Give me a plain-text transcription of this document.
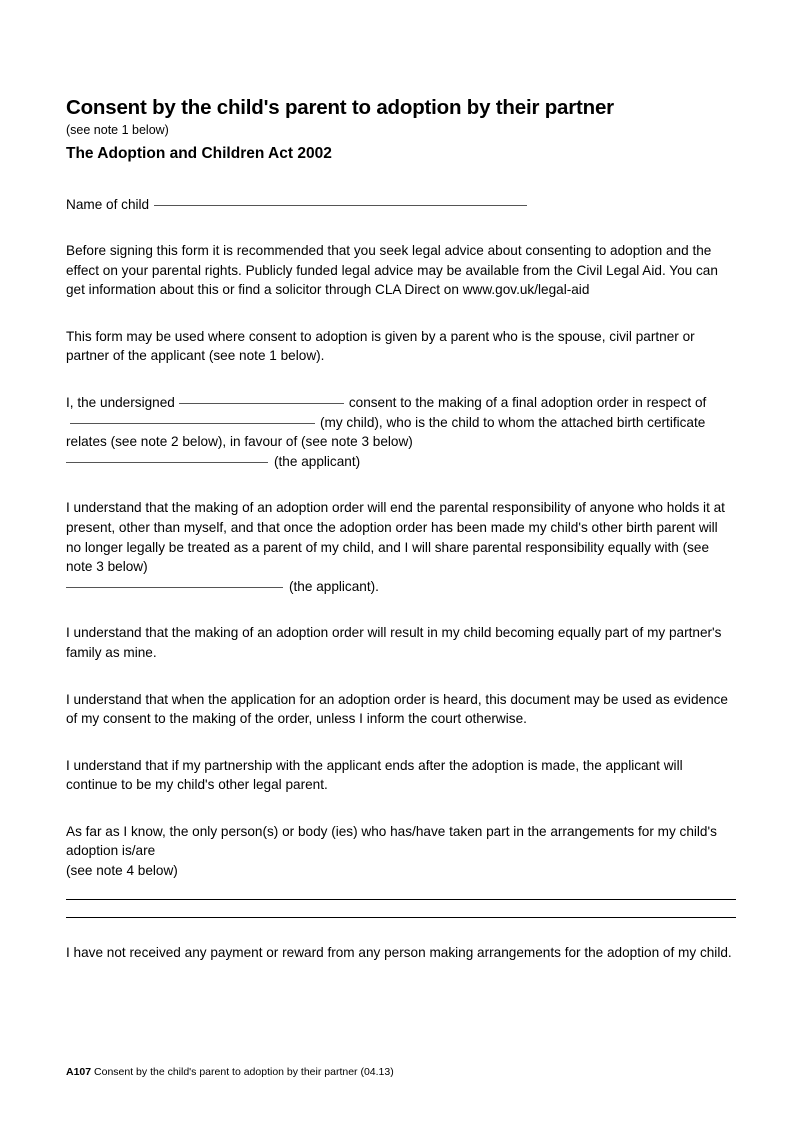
Consent by the child's parent to adoption by their partner
(see note 1 below)
The Adoption and Children Act 2002
Name of child

Before signing this form it is recommended that you seek legal advice about consenting to adoption and the effect on your parental rights. Publicly funded legal advice may be available from the Civil Legal Aid. You can get information about this or find a solicitor through CLA Direct on www.gov.uk/legal-aid

This form may be used where consent to adoption is given by a parent who is the spouse, civil partner or partner of the applicant (see note 1 below).

I, the undersigned	consent to the making of a final adoption order in respect of(my child), who is the child to whom the attached birth certificate relates (see note 2 below), in favour of (see note 3 below)
(the applicant)

I understand that the making of an adoption order will end the parental responsibility of anyone who holds it at present, other than myself, and that once the adoption order has been made my child's other birth parent will no longer legally be treated as a parent of my child, and I will share parental responsibility equally with (see note 3 below)
(the applicant).

I understand that the making of an adoption order will result in my child becoming equally part of my partner's family as mine.

I understand that when the application for an adoption order is heard, this document may be used as evidence of my consent to the making of the order, unless I inform the court otherwise.

I understand that if my partnership with the applicant ends after the adoption is made, the applicant will continue to be my child's other legal parent.

As far as I know, the only person(s) or body (ies) who has/have taken part in the arrangements for my child's adoption is/are

(see note 4 below)

I have not received any payment or reward from any person making arrangements for the adoption of my child.

A107 Consent by the child's parent to adoption by their partner (04.13)
